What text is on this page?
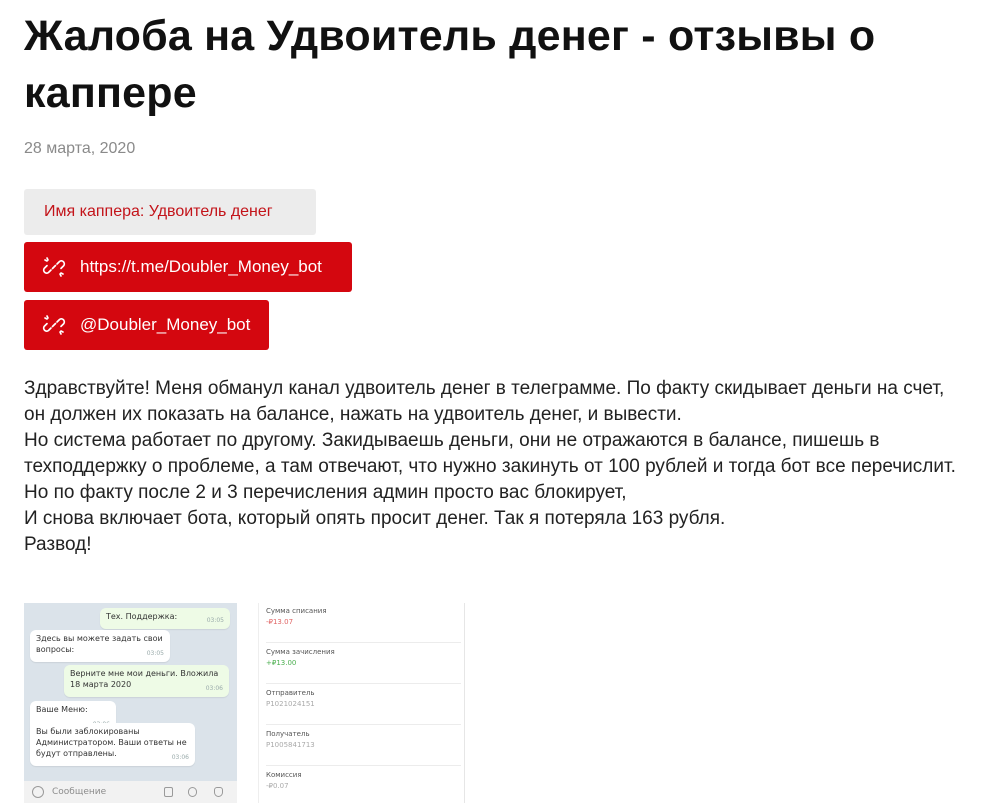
Жалоба на Удвоитель денег - отзывы о каппере
28 марта, 2020
Имя каппера: Удвоитель денег
https://t.me/Doubler_Money_bot
@Doubler_Money_bot

Здравствуйте! Меня обманул канал удвоитель денег в телеграмме. По факту скидывает деньги на счет, он должен их показать на балансе, нажать на удвоитель денег, и вывести.

Но система работает по другому. Закидываешь деньги, они не отражаются в балансе, пишешь в техподдержку о проблеме, а там отвечают, что нужно закинуть от 100 рублей и тогда бот все перечислит.

Но по факту после 2 и 3 перечисления админ просто вас блокирует,

И снова включает бота, который опять просит денег. Так я потеряла 163 рубля.

Развод!

Тех. Поддержка:	03:05
Здесь вы можете задать свои вопросы:	03:05
Верните мне мои деньги. Вложила 18 марта 2020	03:06
Ваше Меню:
Вы были заблокированы Администратором. Ваши ответы не будут отправлены.	03:06
Сообщение
Сумма списания
-₽13.07
Сумма зачисления
+₽13.00
Отправитель
P1021024151
Получатель
P1005841713
Комиссия
-₽0.07
